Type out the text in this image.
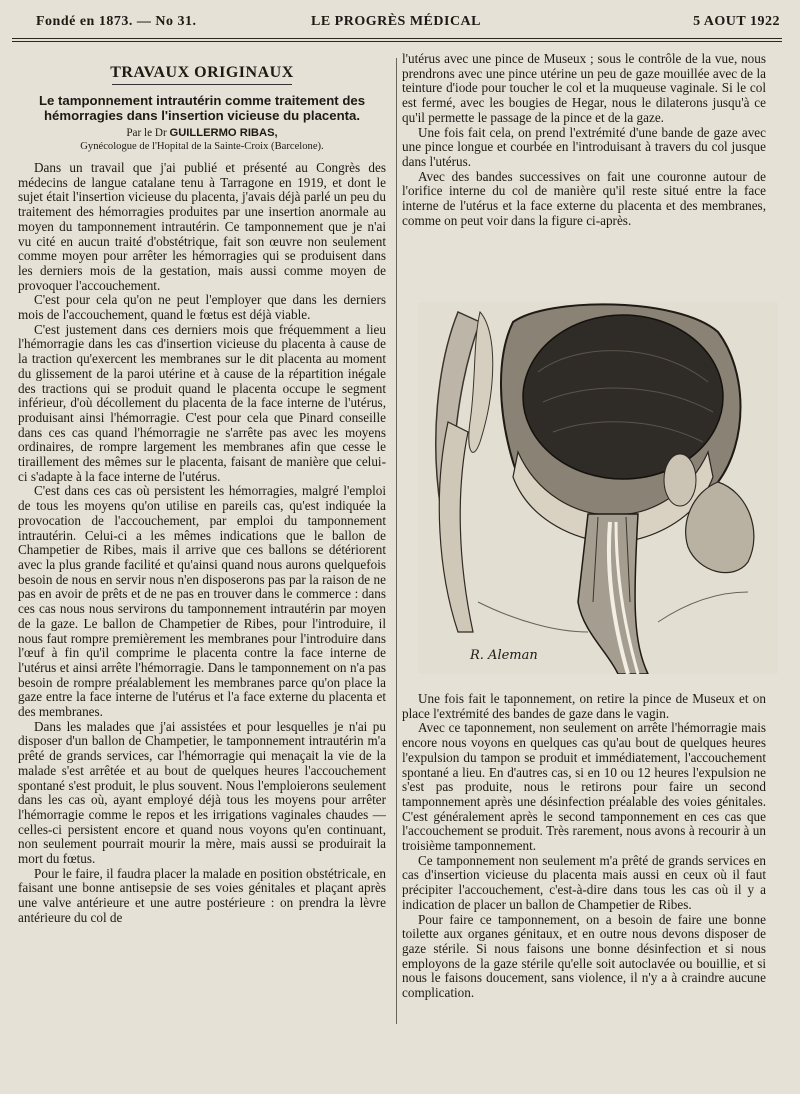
Fondé en 1873. — No 31.	LE PROGRÈS MÉDICAL	5 AOUT 1922
TRAVAUX ORIGINAUX
Le tamponnement intrautérin comme traitement des hémorragies dans l'insertion vicieuse du placenta.
Par le Dr GUILLERMO RIBAS,
Gynécologue de l'Hopital de la Sainte-Croix (Barcelone).

Dans un travail que j'ai publié et présenté au Congrès des médecins de langue catalane tenu à Tarragone en 1919, et dont le sujet était l'insertion vicieuse du placenta, j'avais déjà parlé un peu du traitement des hémorragies produites par une insertion anormale au moyen du tamponnement intrautérin. Ce tamponnement que je n'ai vu cité en aucun traité d'obstétrique, fait son œuvre non seulement comme moyen pour arrêter les hémorragies qui se produisent dans les derniers mois de la gestation, mais aussi comme moyen de provoquer l'accouchement.

C'est pour cela qu'on ne peut l'employer que dans les derniers mois de l'accouchement, quand le fœtus est déjà viable.

C'est justement dans ces derniers mois que fréquemment a lieu l'hémorragie dans les cas d'insertion vicieuse du placenta à cause de la traction qu'exercent les membranes sur le dit placenta au moment du glissement de la paroi utérine et à cause de la répartition inégale des tractions qui se produit quand le placenta occupe le segment inférieur, d'où décollement du placenta de la face interne de l'utérus, produisant ainsi l'hémorragie. C'est pour cela que Pinard conseille dans ces cas quand l'hémorragie ne s'arrête pas avec les moyens ordinaires, de rompre largement les membranes afin que cesse le tiraillement des mêmes sur le placenta, faisant de manière que celui-ci s'adapte à la face interne de l'utérus.

C'est dans ces cas où persistent les hémorragies, malgré l'emploi de tous les moyens qu'on utilise en pareils cas, qu'est indiquée la provocation de l'accouchement, par emploi du tamponnement intrautérin. Celui-ci a les mêmes indications que le ballon de Champetier de Ribes, mais il arrive que ces ballons se détériorent avec la plus grande facilité et qu'ainsi quand nous aurons quelquefois besoin de nous en servir nous n'en disposerons pas par la raison de ne pas en avoir de prêts et de ne pas en trouver dans le commerce : dans ces cas nous nous servirons du tamponnement intrautérin par moyen de la gaze. Le ballon de Champetier de Ribes, pour l'introduire, il nous faut rompre premièrement les membranes pour l'introduire dans l'œuf à fin qu'il comprime le placenta contre la face interne de l'utérus et ainsi arrête l'hémorragie. Dans le tamponnement on n'a pas besoin de rompre préalablement les membranes parce qu'on place la gaze entre la face interne de l'utérus et l'a face externe du placenta et des membranes.

Dans les malades que j'ai assistées et pour lesquelles je n'ai pu disposer d'un ballon de Champetier, le tamponnement intrautérin m'a prêté de grands services, car l'hémorragie qui menaçait la vie de la malade s'est arrêtée et au bout de quelques heures l'accouchement spontané s'est produit, le plus souvent. Nous l'emploierons seulement dans les cas où, ayant employé déjà tous les moyens pour arrêter l'hémorragie comme le repos et les irrigations vaginales chaudes — celles-ci persistent encore et quand nous voyons qu'en continuant, non seulement pourrait mourir la mère, mais aussi se produirait la mort du fœtus.

Pour le faire, il faudra placer la malade en position obstétricale, en faisant une bonne antisepsie de ses voies génitales et plaçant après une valve antérieure et une autre postérieure : on prendra la lèvre antérieure du col de

l'utérus avec une pince de Museux ; sous le contrôle de la vue, nous prendrons avec une pince utérine un peu de gaze mouillée avec de la teinture d'iode pour toucher le col et la muqueuse vaginale. Si le col est fermé, avec les bougies de Hegar, nous le dilaterons jusqu'à ce qu'il permette le passage de la pince et de la gaze.

Une fois fait cela, on prend l'extrémité d'une bande de gaze avec une pince longue et courbée en l'introduisant à travers du col jusque dans l'utérus.

Avec des bandes successives on fait une couronne autour de l'orifice interne du col de manière qu'il reste situé entre la face interne de l'utérus et la face externe du placenta et des membranes, comme on peut voir dans la figure ci-après.

R. Aleman

Une fois fait le taponnement, on retire la pince de Museux et on place l'extrémité des bandes de gaze dans le vagin.

Avec ce taponnement, non seulement on arrête l'hémorragie mais encore nous voyons en quelques cas qu'au bout de quelques heures l'expulsion du tampon se produit et immédiatement, l'accouchement spontané a lieu. En d'autres cas, si en 10 ou 12 heures l'expulsion ne s'est pas produite, nous le retirons pour faire un second tamponnement après une désinfection préalable des voies génitales. C'est généralement après le second tamponnement en ces cas que l'accouchement se produit. Très rarement, nous avons à recourir à un troisième tamponnement.

Ce tamponnement non seulement m'a prêté de grands services en cas d'insertion vicieuse du placenta mais aussi en ceux où il faut précipiter l'accouchement, c'est-à-dire dans tous les cas où il y a indication de placer un ballon de Champetier de Ribes.

Pour faire ce tamponnement, on a besoin de faire une bonne toilette aux organes génitaux, et en outre nous devons disposer de gaze stérile. Si nous faisons une bonne désinfection et si nous employons de la gaze stérile qu'elle soit autoclavée ou bouillie, et si nous le faisons doucement, sans violence, il n'y a à craindre aucune complication.
